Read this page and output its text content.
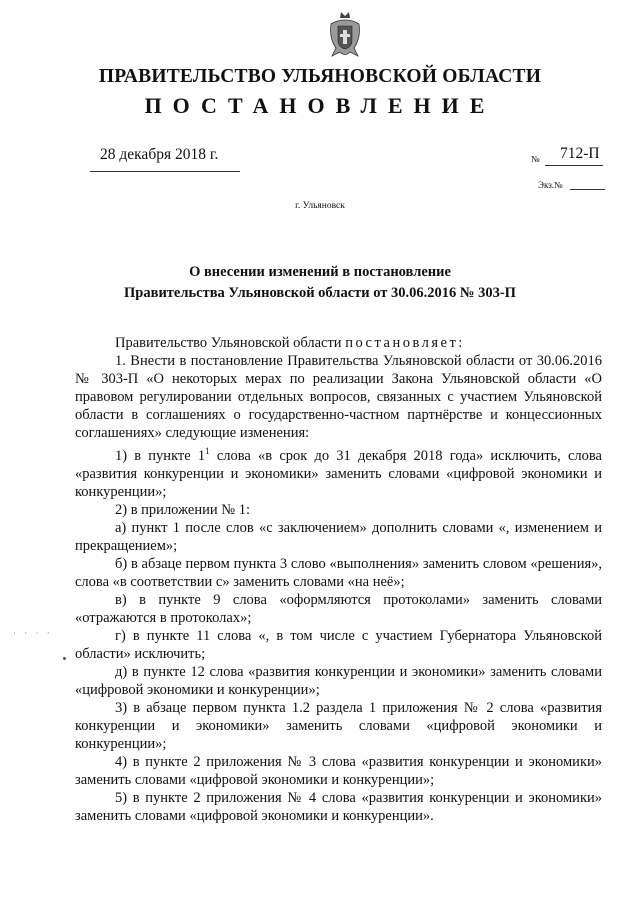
ПРАВИТЕЛЬСТВО УЛЬЯНОВСКОЙ ОБЛАСТИ
ПОСТАНОВЛЕНИЕ
28 декабря 2018 г.	№ 712-П
Экз.№
г. Ульяновск
О внесении изменений в постановление
Правительства Ульяновской области от 30.06.2016 № 303-П

Правительство Ульяновской области постановляет:

1. Внести в постановление Правительства Ульяновской области от 30.06.2016 № 303-П «О некоторых мерах по реализации Закона Ульяновской области «О правовом регулировании отдельных вопросов, связанных с участием Ульяновской области в соглашениях о государственно-частном партнёрстве и концессионных соглашениях» следующие изменения:

1) в пункте $1^1$ слова «в срок до 31 декабря 2018 года» исключить, слова «развития конкуренции и экономики» заменить словами «цифровой экономики и конкуренции»;

2) в приложении № 1:

а) пункт 1 после слов «с заключением» дополнить словами «, изменением и прекращением»;

б) в абзаце первом пункта 3 слово «выполнения» заменить словом «решения», слова «в соответствии с» заменить словами «на неё»;

в) в пункте 9 слова «оформляются протоколами» заменить словами «отражаются в протоколах»;

г) в пункте 11 слова «, в том числе с участием Губернатора Ульяновской области» исключить;

д) в пункте 12 слова «развития конкуренции и экономики» заменить словами «цифровой экономики и конкуренции»;

3) в абзаце первом пункта 1.2 раздела 1 приложения № 2 слова «развития конкуренции и экономики» заменить словами «цифровой экономики и конкуренции»;

4) в пункте 2 приложения № 3 слова «развития конкуренции и экономики» заменить словами «цифровой экономики и конкуренции»;

5) в пункте 2 приложения № 4 слова «развития конкуренции и экономики» заменить словами «цифровой экономики и конкуренции».

· · · ·
